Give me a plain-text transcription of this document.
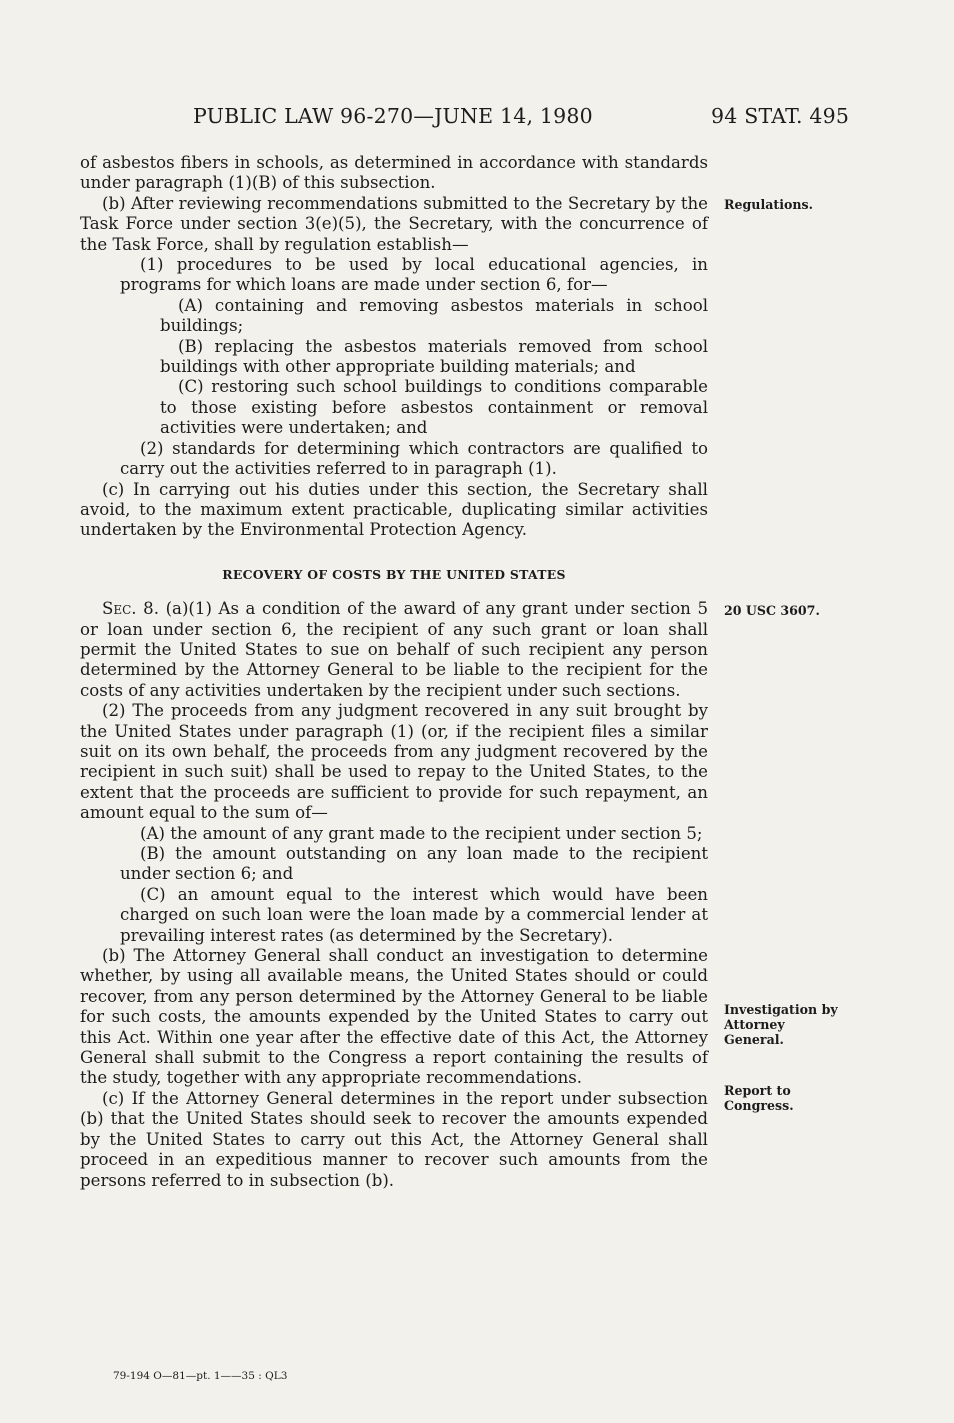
PUBLIC LAW 96-270—JUNE 14, 1980	94 STAT. 495

of asbestos fibers in schools, as determined in accordance with standards under paragraph (1)(B) of this subsection.

(b) After reviewing recommendations submitted to the Secretary by the Task Force under section 3(e)(5), the Secretary, with the concurrence of the Task Force, shall by regulation establish—

(1) procedures to be used by local educational agencies, in programs for which loans are made under section 6, for—

(A) containing and removing asbestos materials in school buildings;

(B) replacing the asbestos materials removed from school buildings with other appropriate building materials; and

(C) restoring such school buildings to conditions comparable to those existing before asbestos containment or removal activities were undertaken; and

(2) standards for determining which contractors are qualified to carry out the activities referred to in paragraph (1).

(c) In carrying out his duties under this section, the Secretary shall avoid, to the maximum extent practicable, duplicating similar activities undertaken by the Environmental Protection Agency.

RECOVERY OF COSTS BY THE UNITED STATES

Sec. 8. (a)(1) As a condition of the award of any grant under section 5 or loan under section 6, the recipient of any such grant or loan shall permit the United States to sue on behalf of such recipient any person determined by the Attorney General to be liable to the recipient for the costs of any activities undertaken by the recipient under such sections.

(2) The proceeds from any judgment recovered in any suit brought by the United States under paragraph (1) (or, if the recipient files a similar suit on its own behalf, the proceeds from any judgment recovered by the recipient in such suit) shall be used to repay to the United States, to the extent that the proceeds are sufficient to provide for such repayment, an amount equal to the sum of—

(A) the amount of any grant made to the recipient under section 5;

(B) the amount outstanding on any loan made to the recipient under section 6; and

(C) an amount equal to the interest which would have been charged on such loan were the loan made by a commercial lender at prevailing interest rates (as determined by the Secretary).

(b) The Attorney General shall conduct an investigation to determine whether, by using all available means, the United States should or could recover, from any person determined by the Attorney General to be liable for such costs, the amounts expended by the United States to carry out this Act. Within one year after the effective date of this Act, the Attorney General shall submit to the Congress a report containing the results of the study, together with any appropriate recommendations.

(c) If the Attorney General determines in the report under subsection (b) that the United States should seek to recover the amounts expended by the United States to carry out this Act, the Attorney General shall proceed in an expeditious manner to recover such amounts from the persons referred to in subsection (b).

Regulations.
20 USC 3607.
Investigation by
Attorney
General.
Report to
Congress.
79-194 O—81—pt. 1——35 : QL3
